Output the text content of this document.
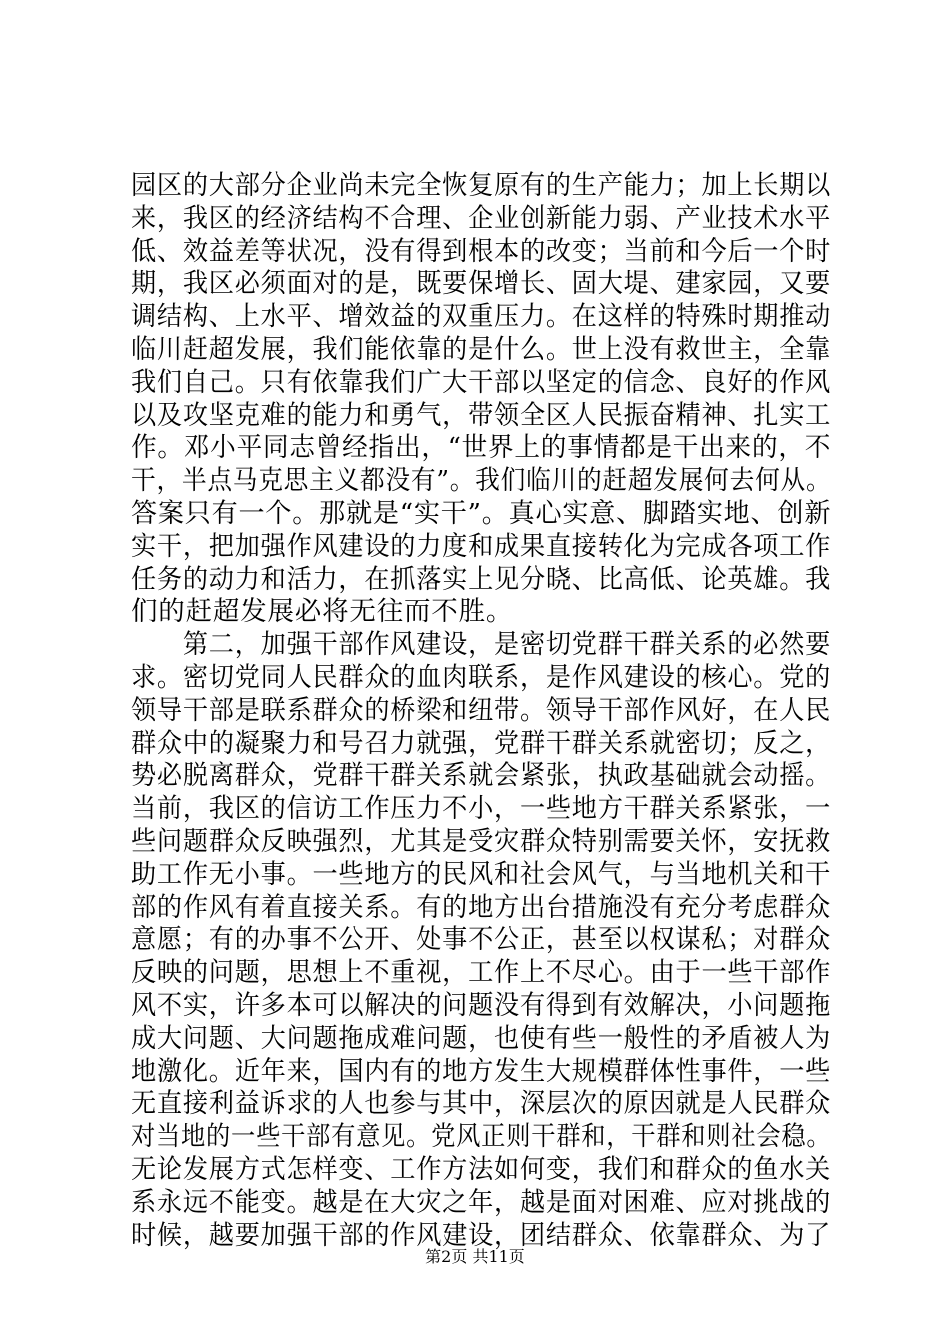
园区的大部分企业尚未完全恢复原有的生产能力；加上长期以
来，我区的经济结构不合理、企业创新能力弱、产业技术水平
低、效益差等状况，没有得到根本的改变；当前和今后一个时
期，我区必须面对的是，既要保增长、固大堤、建家园，又要
调结构、上水平、增效益的双重压力。在这样的特殊时期推动
临川赶超发展，我们能依靠的是什么。世上没有救世主，全靠
我们自己。只有依靠我们广大干部以坚定的信念、良好的作风
以及攻坚克难的能力和勇气，带领全区人民振奋精神、扎实工
作。邓小平同志曾经指出，“世界上的事情都是干出来的，不
干，半点马克思主义都没有”。我们临川的赶超发展何去何从。
答案只有一个。那就是“实干”。真心实意、脚踏实地、创新
实干，把加强作风建设的力度和成果直接转化为完成各项工作
任务的动力和活力，在抓落实上见分晓、比高低、论英雄。我
们的赶超发展必将无往而不胜。
　　第二，加强干部作风建设，是密切党群干群关系的必然要
求。密切党同人民群众的血肉联系，是作风建设的核心。党的
领导干部是联系群众的桥梁和纽带。领导干部作风好，在人民
群众中的凝聚力和号召力就强，党群干群关系就密切；反之，
势必脱离群众，党群干群关系就会紧张，执政基础就会动摇。
当前，我区的信访工作压力不小，一些地方干群关系紧张，一
些问题群众反映强烈，尤其是受灾群众特别需要关怀，安抚救
助工作无小事。一些地方的民风和社会风气，与当地机关和干
部的作风有着直接关系。有的地方出台措施没有充分考虑群众
意愿；有的办事不公开、处事不公正，甚至以权谋私；对群众
反映的问题，思想上不重视，工作上不尽心。由于一些干部作
风不实，许多本可以解决的问题没有得到有效解决，小问题拖
成大问题、大问题拖成难问题，也使有些一般性的矛盾被人为
地激化。近年来，国内有的地方发生大规模群体性事件，一些
无直接利益诉求的人也参与其中，深层次的原因就是人民群众
对当地的一些干部有意见。党风正则干群和，干群和则社会稳。
无论发展方式怎样变、工作方法如何变，我们和群众的鱼水关
系永远不能变。越是在大灾之年，越是面对困难、应对挑战的
时候，越要加强干部的作风建设，团结群众、依靠群众、为了
第2页 共11页
